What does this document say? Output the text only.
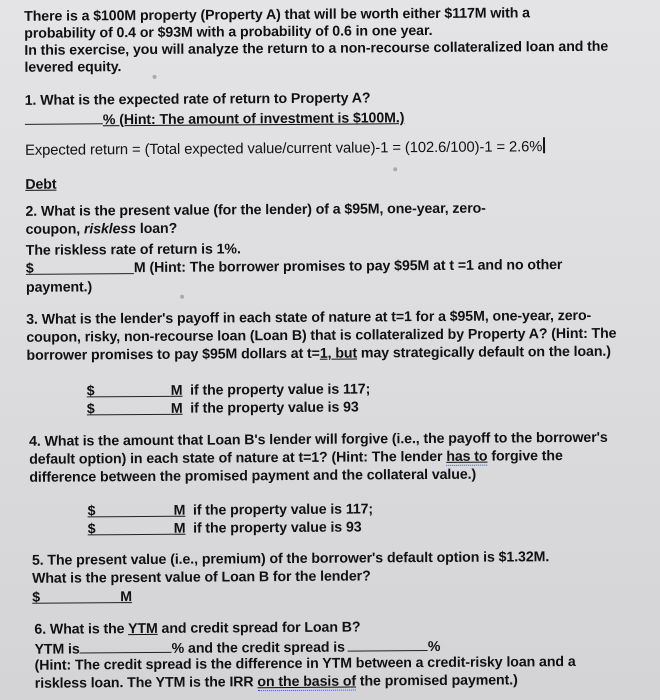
There is a $100M property (Property A) that will be worth either $117M with a
probability of 0.4 or $93M with a probability of 0.6 in one year.
In this exercise, you will analyze the return to a non-recourse collateralized loan and the
levered equity.
1. What is the expected rate of return to Property A?
% (Hint: The amount of investment is $100M.)
Expected return = (Total expected value/current value)-1 = (102.6/100)-1 = 2.6%
Debt
2. What is the present value (for the lender) of a $95M, one-year, zero-
coupon, riskless loan?
The riskless rate of return is 1%.
$	M (Hint: The borrower promises to pay $95M at t =1 and no other
payment.)
3. What is the lender's payoff in each state of nature at t=1 for a $95M, one-year, zero-
coupon, risky, non-recourse loan (Loan B) that is collateralized by Property A? (Hint: The
borrower promises to pay $95M dollars at t=1, but may strategically default on the loan.)
$	M if the property value is 117;
$	M if the property value is 93
4. What is the amount that Loan B's lender will forgive (i.e., the payoff to the borrower's
default option) in each state of nature at t=1? (Hint: The lender has to forgive the
difference between the promised payment and the collateral value.)
$	M if the property value is 117;
$	M if the property value is 93
5. The present value (i.e., premium) of the borrower's default option is $1.32M.
What is the present value of Loan B for the lender?
$	M
6. What is the YTM and credit spread for Loan B?
YTM is	% and the credit spread is	%
(Hint: The credit spread is the difference in YTM between a credit-risky loan and a
riskless loan. The YTM is the IRR on the basis of the promised payment.)
